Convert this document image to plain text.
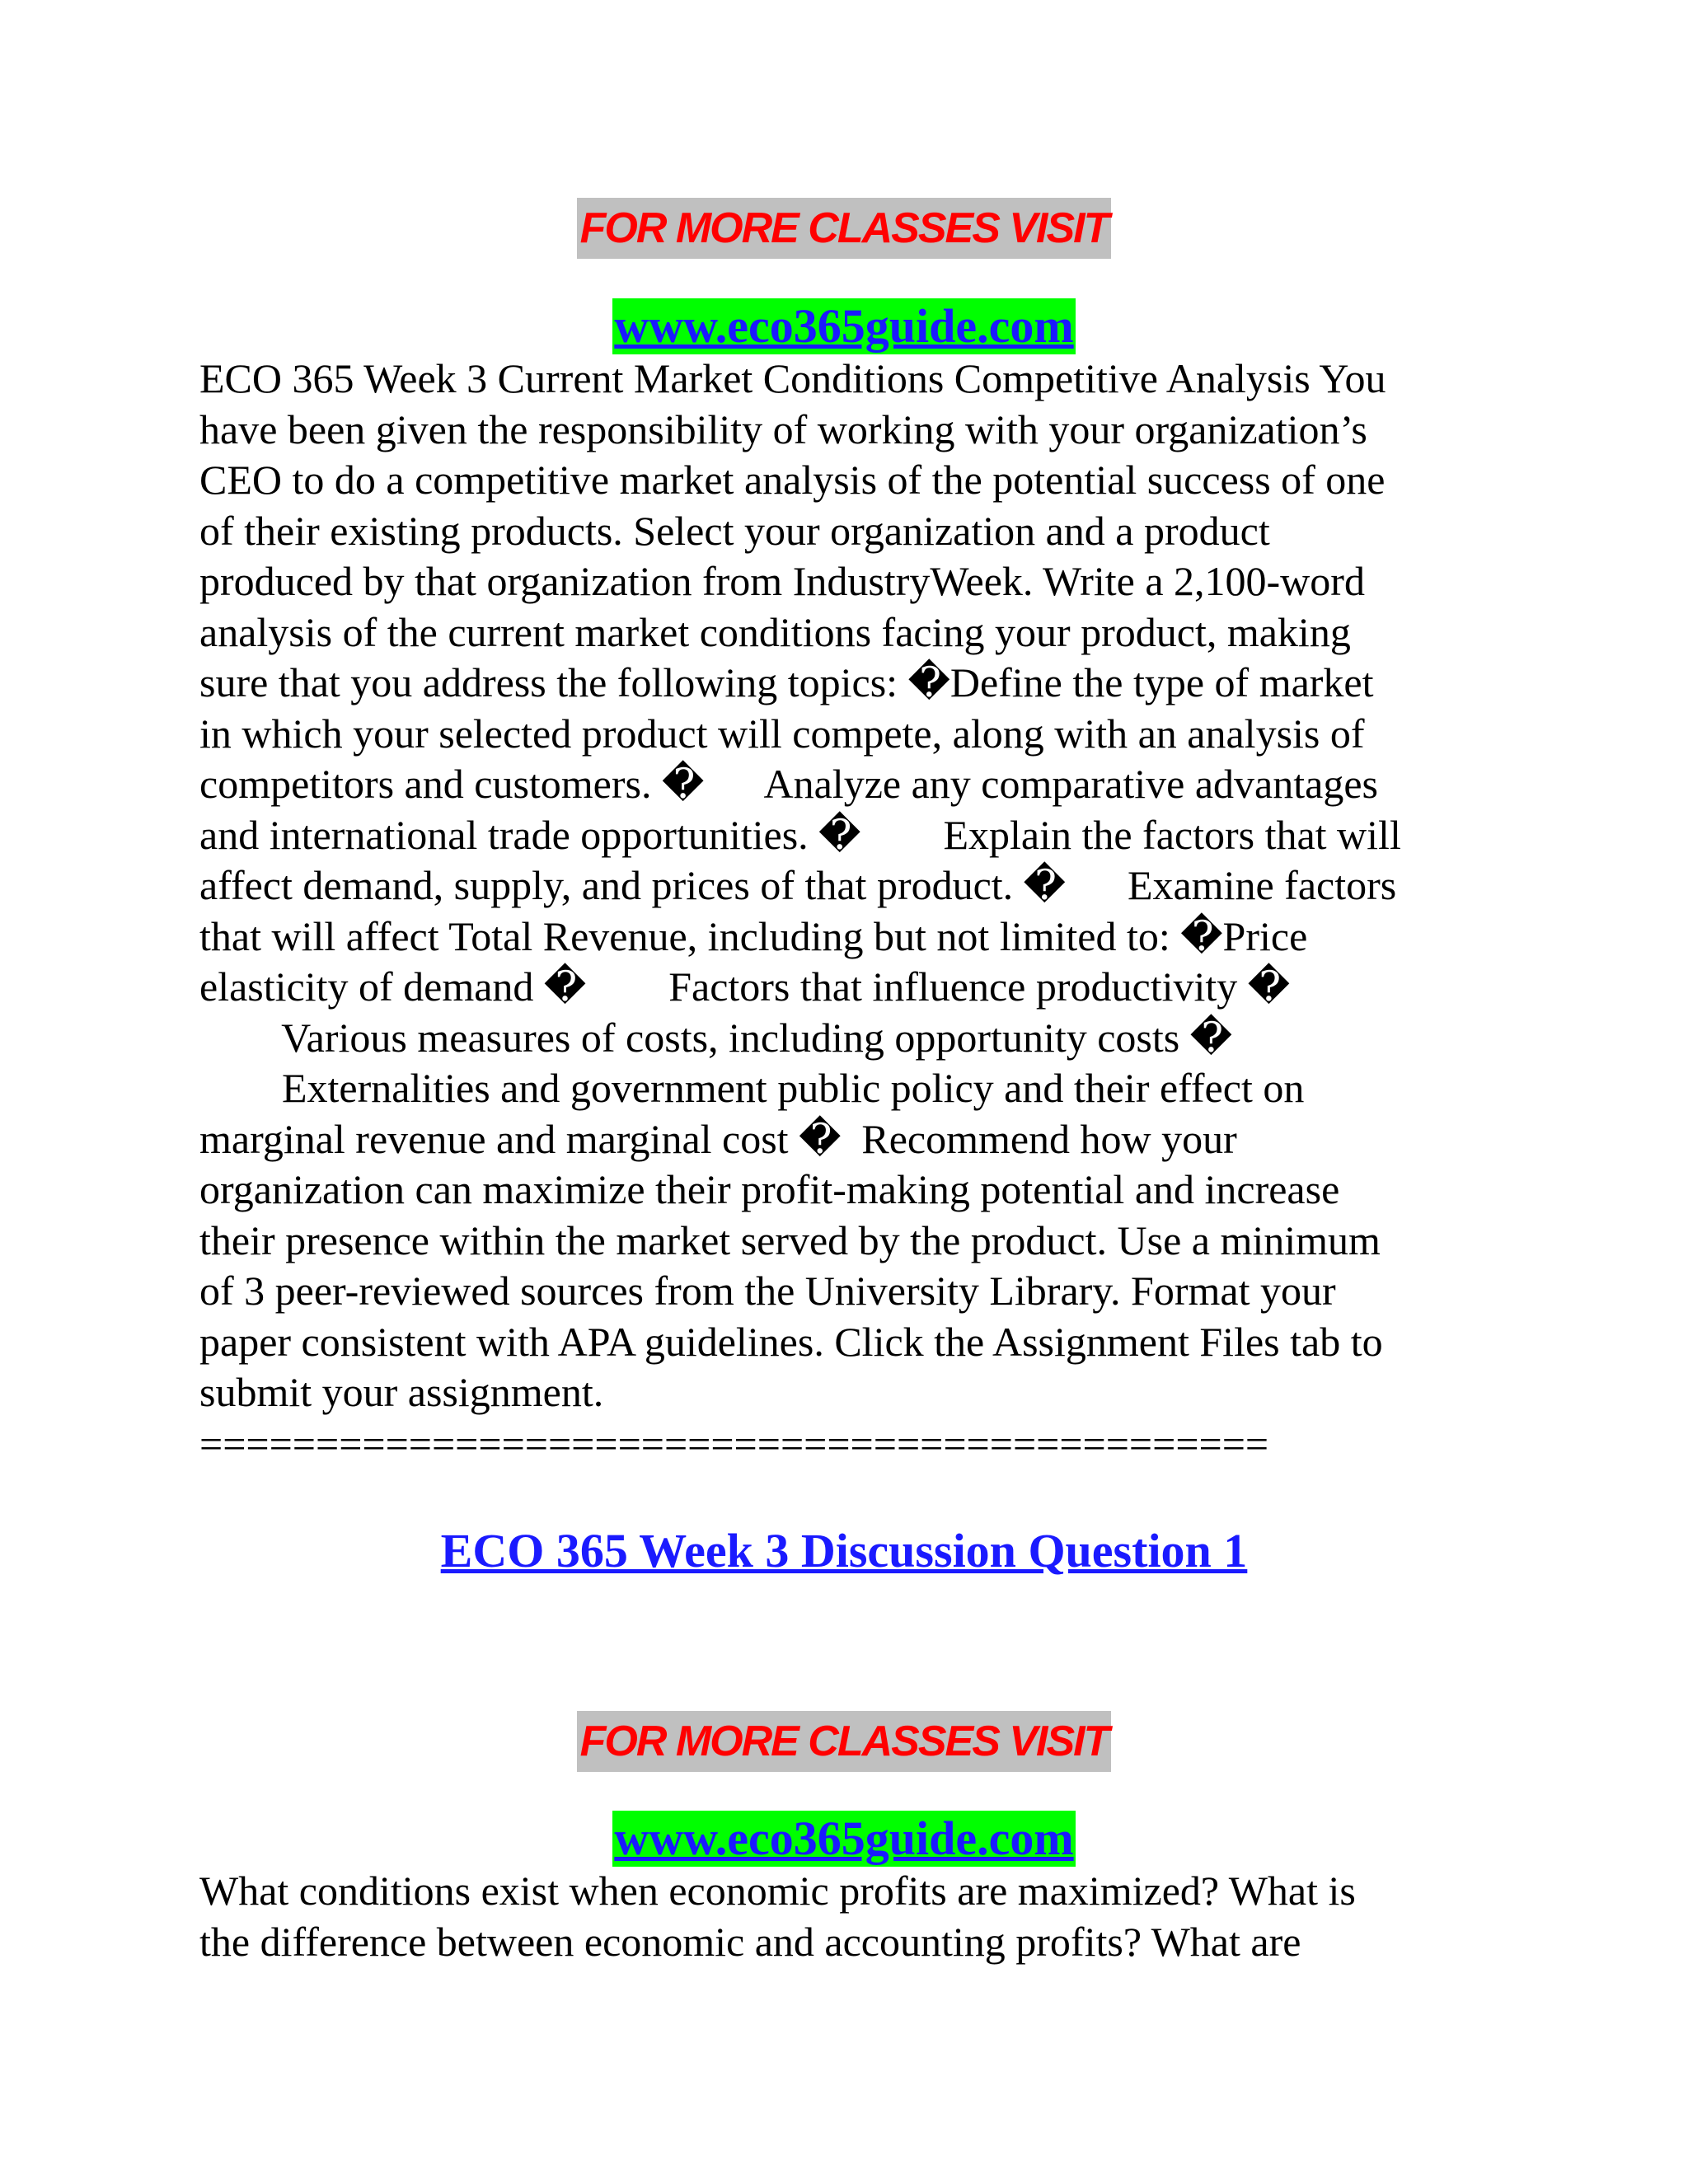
FOR MORE CLASSES VISIT
www.eco365guide.com
ECO 365 Week 3 Current Market Conditions Competitive Analysis You
have been given the responsibility of working with your organization’s
CEO to do a competitive market analysis of the potential success of one
of their existing products. Select your organization and a product
produced by that organization from IndustryWeek. Write a 2,100-word
analysis of the current market conditions facing your product, making
sure that you address the following topics: �Define the type of market
in which your selected product will compete, along with an analysis of
competitors and customers. �      Analyze any comparative advantages
and international trade opportunities. �        Explain the factors that will
affect demand, supply, and prices of that product. �      Examine factors
that will affect Total Revenue, including but not limited to: �Price
elasticity of demand �        Factors that influence productivity �
Various measures of costs, including opportunity costs �
Externalities and government public policy and their effect on
marginal revenue and marginal cost �  Recommend how your
organization can maximize their profit-making potential and increase
their presence within the market served by the product. Use a minimum
of 3 peer-reviewed sources from the University Library. Format your
paper consistent with APA guidelines. Click the Assignment Files tab to
submit your assignment.
==============================================
ECO 365 Week 3 Discussion Question 1
FOR MORE CLASSES VISIT
www.eco365guide.com
What conditions exist when economic profits are maximized? What is
the difference between economic and accounting profits? What are
